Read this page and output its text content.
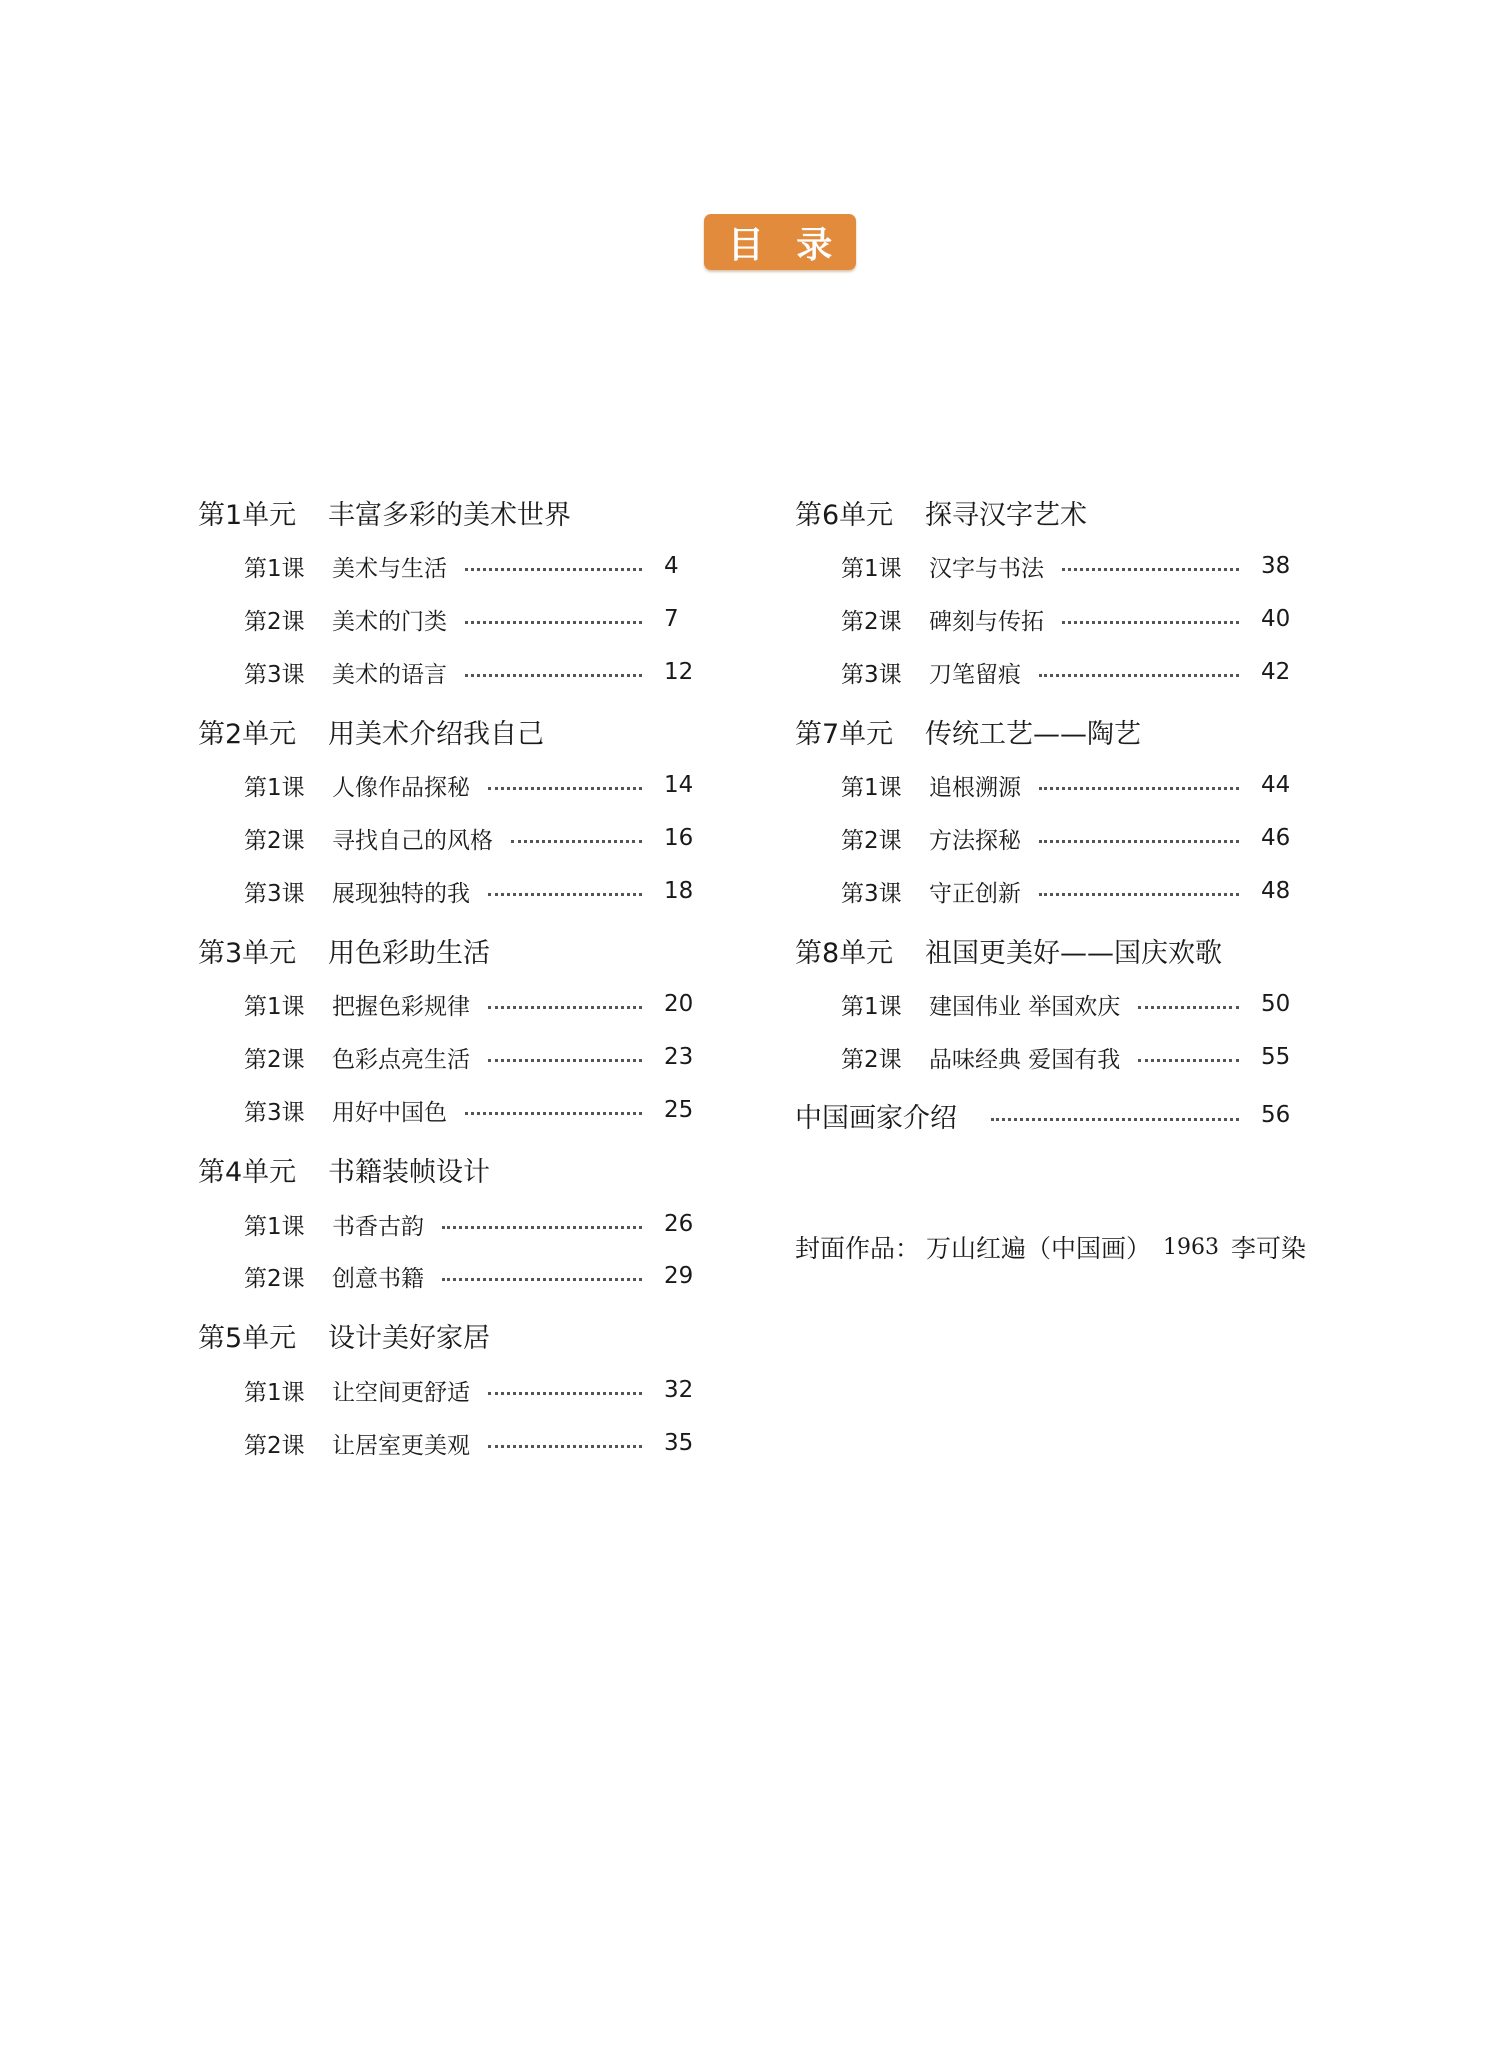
目 录
第1单元	丰富多彩的美术世界
第1课	美术与生活	4
第2课	美术的门类	7
第3课	美术的语言	12
第2单元	用美术介绍我自己
第1课	人像作品探秘	14
第2课	寻找自己的风格	16
第3课	展现独特的我	18
第3单元	用色彩助生活
第1课	把握色彩规律	20
第2课	色彩点亮生活	23
第3课	用好中国色	25
第4单元	书籍装帧设计
第1课	书香古韵	26
第2课	创意书籍	29
第5单元	设计美好家居
第1课	让空间更舒适	32
第2课	让居室更美观	35
第6单元	探寻汉字艺术
第1课	汉字与书法	38
第2课	碑刻与传拓	40
第3课	刀笔留痕	42
第7单元	传统工艺——陶艺
第1课	追根溯源	44
第2课	方法探秘	46
第3课	守正创新	48
第8单元	祖国更美好——国庆欢歌
第1课	建国伟业 举国欢庆	50
第2课	品味经典 爱国有我	55
中国画家介绍	56
封面作品： 万山红遍（中国画） 1963 李可染
